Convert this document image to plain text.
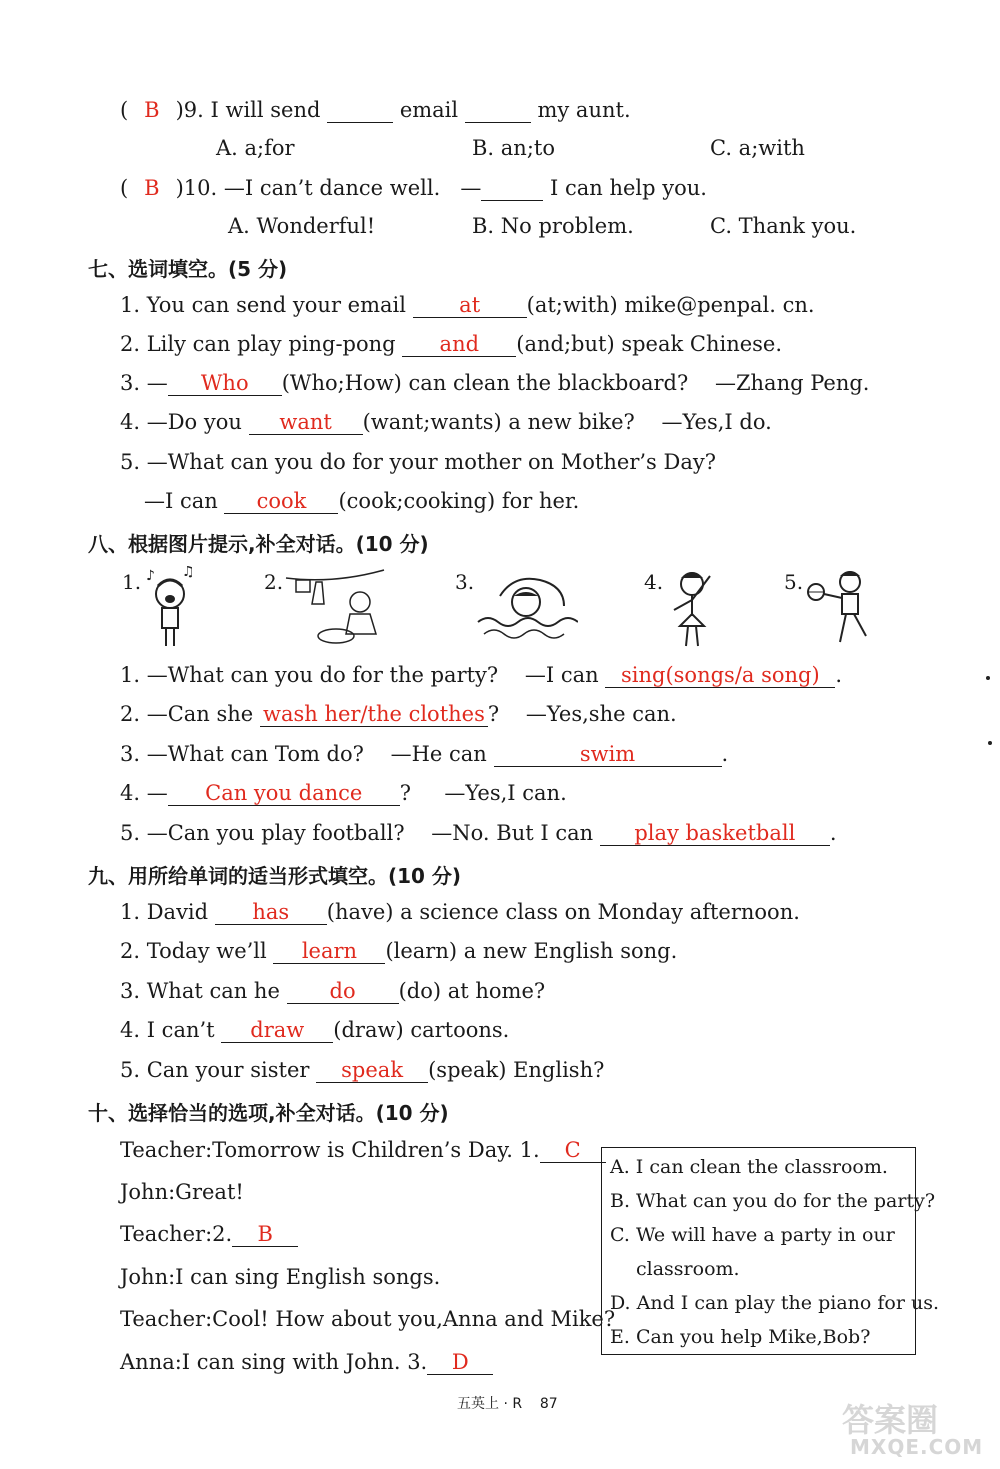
( B )9. I will send	email	my aunt.
A. a;for	B. an;to	C. a;with
( B )10. —I can’t dance well. —	I can help you.
A. Wonderful!	B. No problem.	C. Thank you.
七、选词填空。(5 分)
1. You can send your email	at (at;with) mike@penpal. cn.
2. Lily can play ping-pong and (and;but) speak Chinese.
3. — Who (Who;How) can clean the blackboard? —Zhang Peng.
4. —Do you want (want;wants) a new bike? —Yes,I do.
5. —What can you do for your mother on Mother’s Day?
—I can cook (cook;cooking) for her.
八、根据图片提示,补全对话。(10 分)
1. ♪ ♫	2.	3.	4.	5.
1. —What can you do for the party? —I can sing(songs/a song) .
2. —Can she wash her/the clothes ? —Yes,she can.
3. —What can Tom do? —He can	swim	.
4. — Can you dance ? —Yes,I can.
5. —Can you play football? —No. But I can play basketball .
九、用所给单词的适当形式填空。(10 分)
1. David has (have) a science class on Monday afternoon.
2. Today we’ll learn (learn) a new English song.
3. What can he do (do) at home?
4. I can’t draw (draw) cartoons.
5. Can your sister speak (speak) English?
十、选择恰当的选项,补全对话。(10 分)
Teacher:Tomorrow is Children’s Day. 1. C
John:Great!
Teacher:2. B
John:I can sing English songs.
Teacher:Cool! How about you,Anna and Mike?
Anna:I can sing with John. 3. D
A. I can clean the classroom.
B. What can you do for the party?
C. We will have a party in our
classroom.
D. And I can play the piano for us.
E. Can you help Mike,Bob?
五英上 · R 87	答案圈
MXQE.COM
